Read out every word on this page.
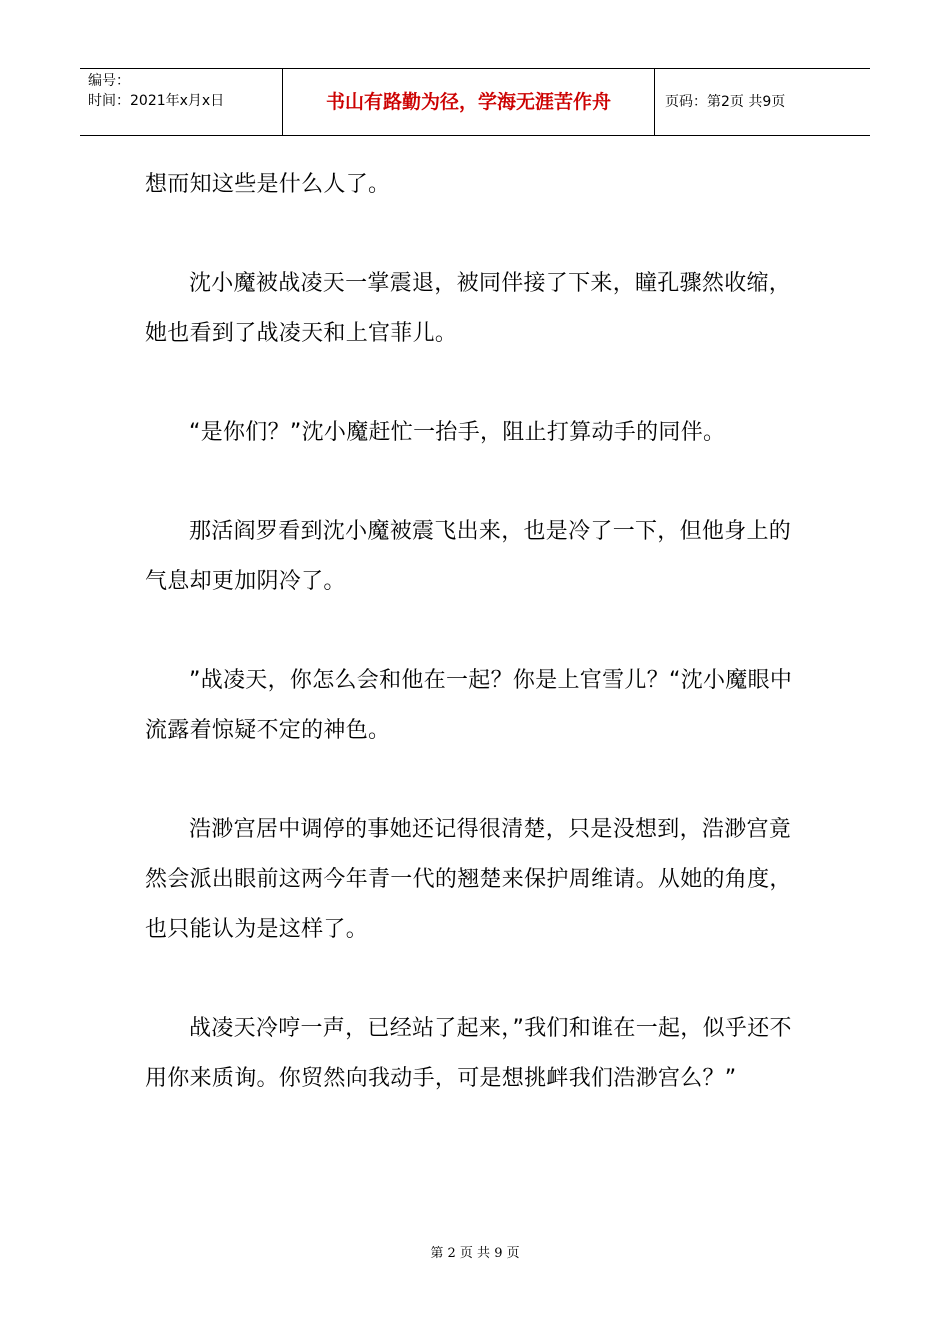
编号：
时间：2021年x月x日	书山有路勤为径，学海无涯苦作舟	页码：第2页 共9页

想而知这些是什么人了。

沈小魔被战凌天一掌震退，被同伴接了下来，瞳孔骤然收缩，她也看到了战凌天和上官菲儿。

“是你们？”沈小魔赶忙一抬手，阻止打算动手的同伴。

那活阎罗看到沈小魔被震飞出来，也是冷了一下，但他身上的气息却更加阴冷了。

”战凌天，你怎么会和他在一起？你是上官雪儿？“沈小魔眼中流露着惊疑不定的神色。

浩渺宫居中调停的事她还记得很清楚，只是没想到，浩渺宫竟然会派出眼前这两今年青一代的翘楚来保护周维请。从她的角度，也只能认为是这样了。

战凌天冷哼一声，已经站了起来，”我们和谁在一起，似乎还不用你来质询。你贸然向我动手，可是想挑衅我们浩渺宫么？”

第 2 页 共 9 页
